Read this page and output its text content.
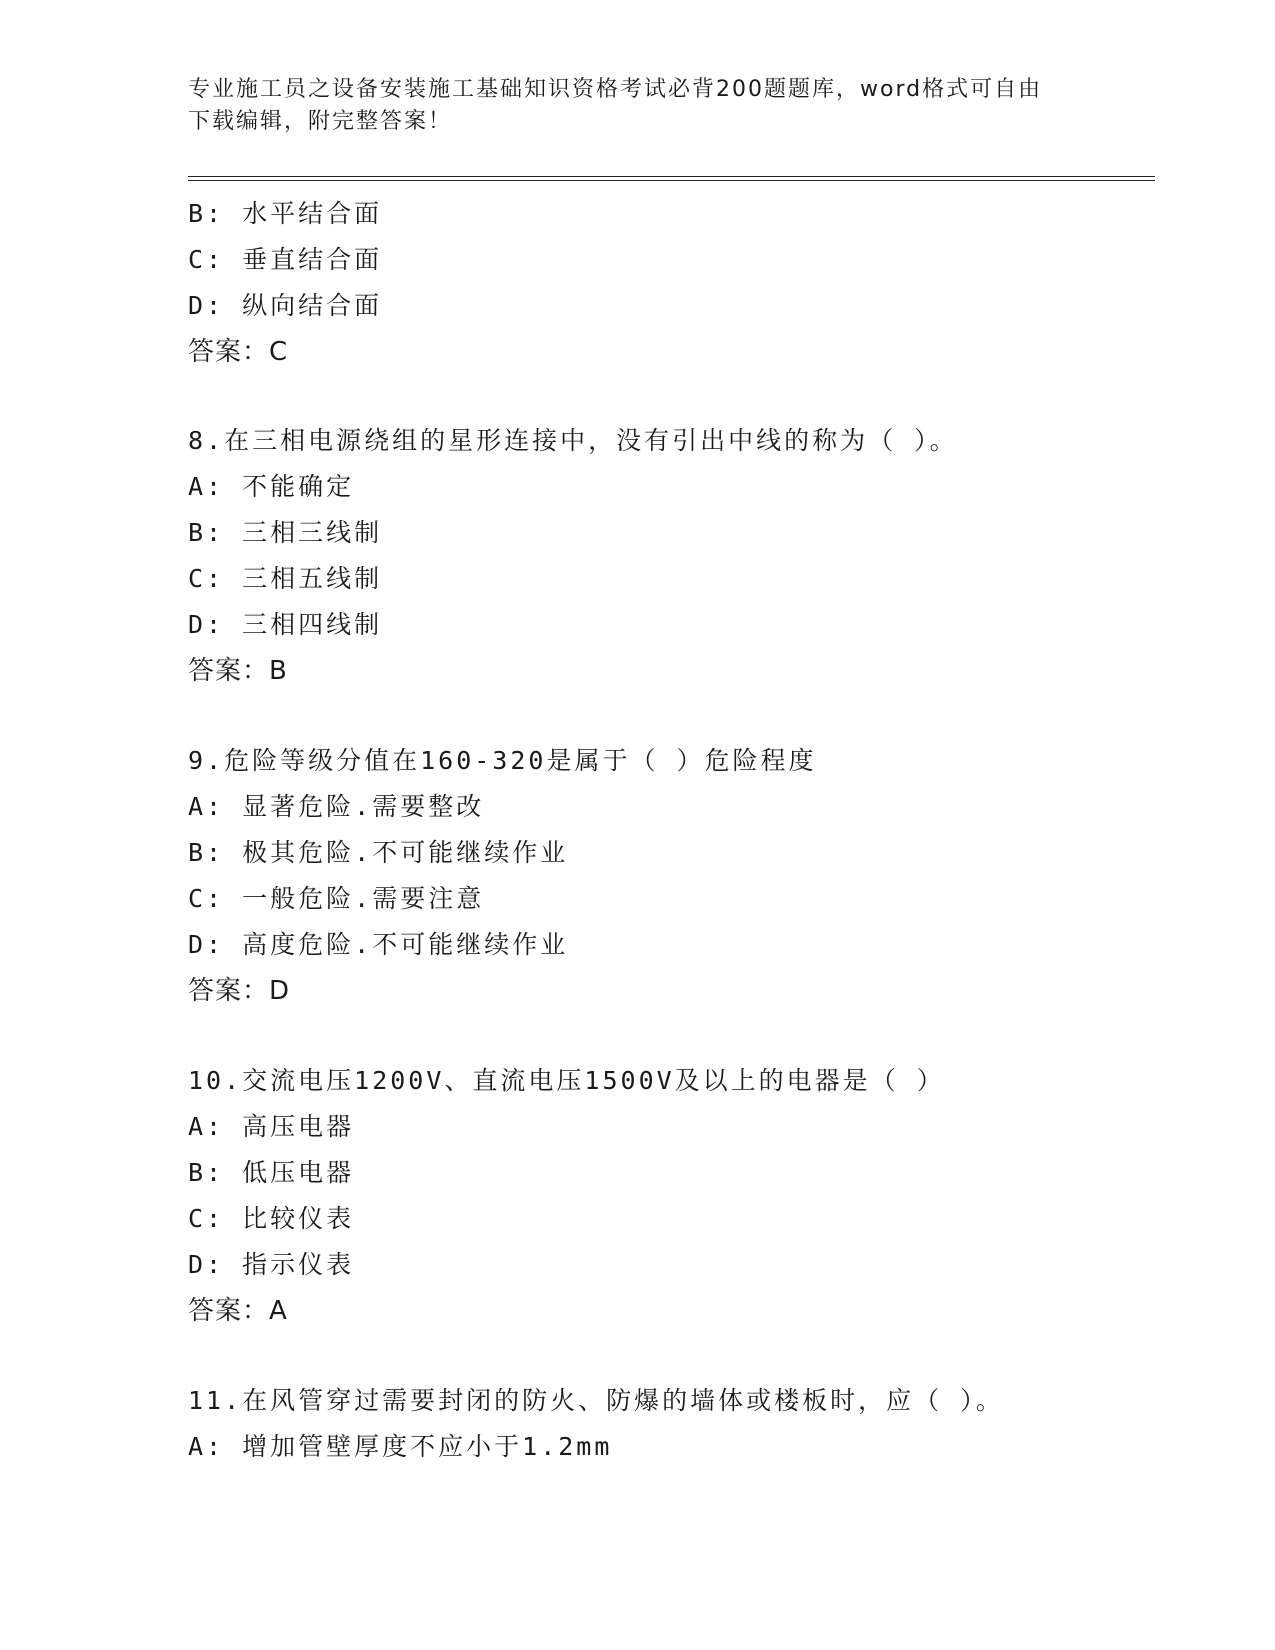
专业施工员之设备安装施工基础知识资格考试必背200题题库，word格式可自由
下载编辑，附完整答案！
B: 水平结合面
C: 垂直结合面
D: 纵向结合面
答案：C
8.在三相电源绕组的星形连接中，没有引出中线的称为（ ）。
A: 不能确定
B: 三相三线制
C: 三相五线制
D: 三相四线制
答案：B
9.危险等级分值在160-320是属于（ ）危险程度
A: 显著危险.需要整改
B: 极其危险.不可能继续作业
C: 一般危险.需要注意
D: 高度危险.不可能继续作业
答案：D
10.交流电压1200V、直流电压1500V及以上的电器是（ ）
A: 高压电器
B: 低压电器
C: 比较仪表
D: 指示仪表
答案：A
11.在风管穿过需要封闭的防火、防爆的墙体或楼板时，应（ ）。
A: 增加管壁厚度不应小于1.2mm
